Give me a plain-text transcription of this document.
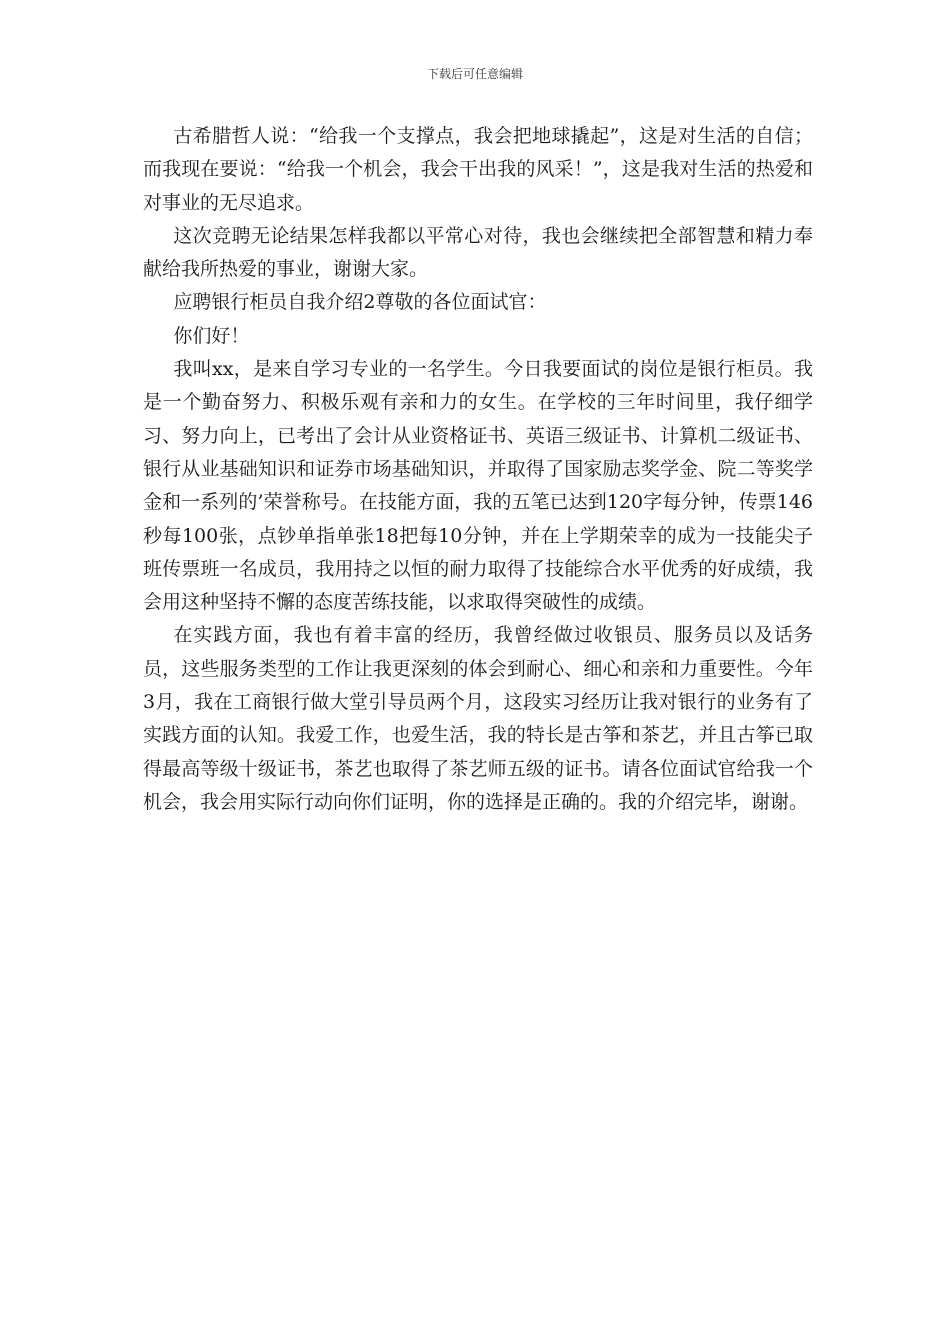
下载后可任意编辑

古希腊哲人说：“给我一个支撑点，我会把地球撬起”，这是对生活的自信；而我现在要说：“给我一个机会，我会干出我的风采！”，这是我对生活的热爱和对事业的无尽追求。

这次竞聘无论结果怎样我都以平常心对待，我也会继续把全部智慧和精力奉献给我所热爱的事业，谢谢大家。

应聘银行柜员自我介绍2尊敬的各位面试官：

你们好！

我叫xx，是来自学习专业的一名学生。今日我要面试的岗位是银行柜员。我是一个勤奋努力、积极乐观有亲和力的女生。在学校的三年时间里，我仔细学习、努力向上，已考出了会计从业资格证书、英语三级证书、计算机二级证书、银行从业基础知识和证券市场基础知识，并取得了国家励志奖学金、院二等奖学金和一系列的’荣誉称号。在技能方面，我的五笔已达到120字每分钟，传票146秒每100张，点钞单指单张18把每10分钟，并在上学期荣幸的成为一技能尖子班传票班一名成员，我用持之以恒的耐力取得了技能综合水平优秀的好成绩，我会用这种坚持不懈的态度苦练技能，以求取得突破性的成绩。

在实践方面，我也有着丰富的经历，我曾经做过收银员、服务员以及话务员，这些服务类型的工作让我更深刻的体会到耐心、细心和亲和力重要性。今年3月，我在工商银行做大堂引导员两个月，这段实习经历让我对银行的业务有了实践方面的认知。我爱工作，也爱生活，我的特长是古筝和茶艺，并且古筝已取得最高等级十级证书，茶艺也取得了茶艺师五级的证书。请各位面试官给我一个机会，我会用实际行动向你们证明，你的选择是正确的。我的介绍完毕，谢谢。
